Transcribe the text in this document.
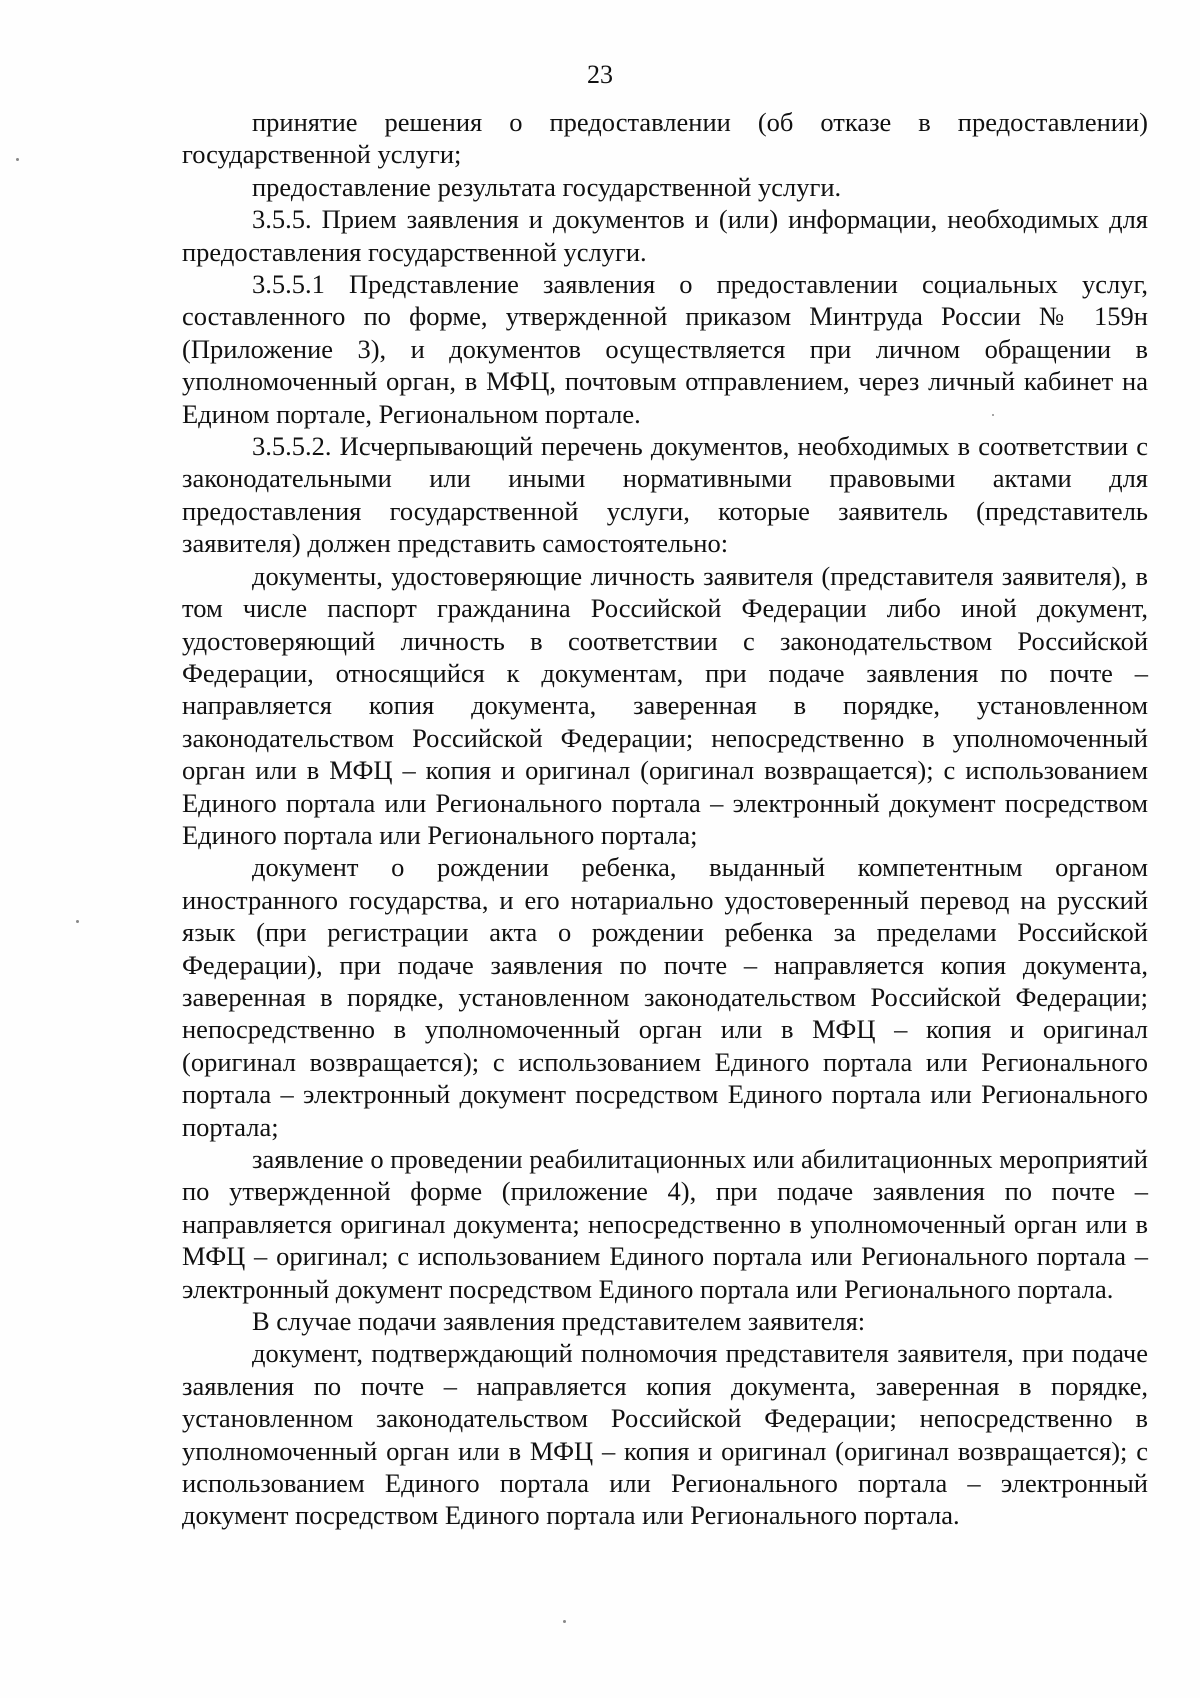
23

принятие решения о предоставлении (об отказе в предоставлении) государственной услуги;

предоставление результата государственной услуги.

3.5.5. Прием заявления и документов и (или) информации, необходимых для предоставления государственной услуги.

3.5.5.1 Представление заявления о предоставлении социальных услуг, составленного по форме, утвержденной приказом Минтруда России № 159н (Приложение 3), и документов осуществляется при личном обращении в уполномоченный орган, в МФЦ, почтовым отправлением, через личный кабинет на Едином портале, Региональном портале.

3.5.5.2. Исчерпывающий перечень документов, необходимых в соответствии с законодательными или иными нормативными правовыми актами для предоставления государственной услуги, которые заявитель (представитель заявителя) должен представить самостоятельно:

документы, удостоверяющие личность заявителя (представителя заявителя), в том числе паспорт гражданина Российской Федерации либо иной документ, удостоверяющий личность в соответствии с законодательством Российской Федерации, относящийся к документам, при подаче заявления по почте – направляется копия документа, заверенная в порядке, установленном законодательством Российской Федерации; непосредственно в уполномоченный орган или в МФЦ – копия и оригинал (оригинал возвращается); с использованием Единого портала или Регионального портала – электронный документ посредством Единого портала или Регионального портала;

документ о рождении ребенка, выданный компетентным органом иностранного государства, и его нотариально удостоверенный перевод на русский язык (при регистрации акта о рождении ребенка за пределами Российской Федерации), при подаче заявления по почте – направляется копия документа, заверенная в порядке, установленном законодательством Российской Федерации; непосредственно в уполномоченный орган или в МФЦ – копия и оригинал (оригинал возвращается); с использованием Единого портала или Регионального портала – электронный документ посредством Единого портала или Регионального портала;

заявление о проведении реабилитационных или абилитационных мероприятий по утвержденной форме (приложение 4), при подаче заявления по почте – направляется оригинал документа; непосредственно в уполномоченный орган или в МФЦ – оригинал; с использованием Единого портала или Регионального портала – электронный документ посредством Единого портала или Регионального портала.

В случае подачи заявления представителем заявителя:

документ, подтверждающий полномочия представителя заявителя, при подаче заявления по почте – направляется копия документа, заверенная в порядке, установленном законодательством Российской Федерации; непосредственно в уполномоченный орган или в МФЦ – копия и оригинал (оригинал возвращается); с использованием Единого портала или Регионального портала – электронный документ посредством Единого портала или Регионального портала.
